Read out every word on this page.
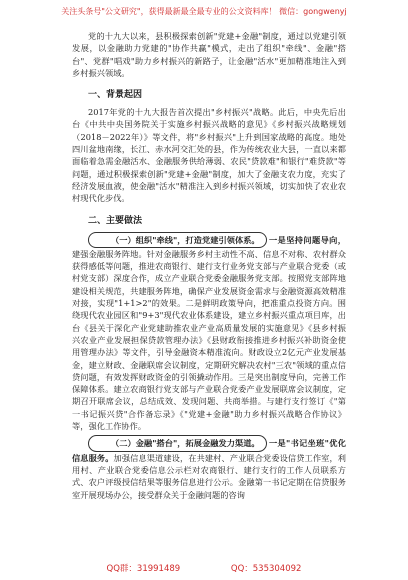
关注头条号"公文研究"，获得最新最全最专业的公文资料库！ 微信：gongwenyj

党的十九大以来，县积极探索创新"党建+金融"制度，通过以党建引领发展，以金融助力党建的"协作共赢"模式，走出了组织"牵线"、金融"搭台"、党群"唱戏"助力乡村振兴的新路子，让金融"活水"更加精准地注入到乡村振兴领域。

一、背景起因

2017年党的十九大报告首次提出"乡村振兴"战略。此后，中央先后出台《中共中央国务院关于实施乡村振兴战略的意见》《乡村振兴战略规划（2018－2022年）》等文件，将"乡村振兴"上升到国家战略的高度。地处四川盆地南缘，长江、赤水河交汇处的县，作为传统农业大县，一直以来都面临着急需金融活水、金融服务供给薄弱、农民"贷款难"和银行"难贷款"等问题，通过积极探索创新"党建+金融"制度，加大了金融支农力度，充实了经济发展血液，使金融"活水"精准注入到乡村振兴领域，切实加快了农业农村现代化步伐。

二、主要做法

（一）组织"牵线"，打造党建引领体系。 一是坚持问题导向，建强金融服务阵地。针对金融服务乡村主动性不高、信息不对称、农村群众获得感低等问题，推进农商银行、建行支行业务党支部与产业联合党委（或村党支部）深度合作，成立产业联合党委金融服务党支部。按照党支部阵地建设相关规范，共建服务阵地，确保产业发展资金需求与金融资源高效精准对接，实现"1+1>2"的效果。二是鲜明政策导向，把准重点投资方向。围绕现代农业园区和"9+3"现代农业体系建设，建立乡村振兴重点项目库，出台《县关于深化产业党建助推农业产业高质量发展的实施意见》《县乡村振兴农业产业发展担保贷款管理办法》《县财政衔接推进乡村振兴补助资金使用管理办法》等文件，引导金融资本精准流向。财政设立2亿元产业发展基金，建立财政、金融联席会议制度，定期研究解决农村"三农"领域的重点信贷问题，有效发挥财政资金的引领撬动作用。三是突出制度导向，完善工作保障体系。建立农商银行党支部与产业联合党委产业发展联席会议制度，定期召开联席会议，总结成效、发现问题、共商举措。与建行支行签订《"第一书记振兴贷"合作备忘录》《"党建+金融"助力乡村振兴战略合作协议》等，强化工作协作。

（二）金融"搭台"，拓展金融发力渠道。 一是"书记坐班"优化信息服务。加强信息渠道建设，在共建村、产业联合党委设信贷工作室，利用村、产业联合党委信息公示栏对农商银行、建行支行的工作人员联系方式、农户评级授信结果等服务信息进行公示。金融第一书记定期在信贷服务室开展现场办公，接受群众关于金融问题的咨询

QQ群：31991489	QQ：535304092
